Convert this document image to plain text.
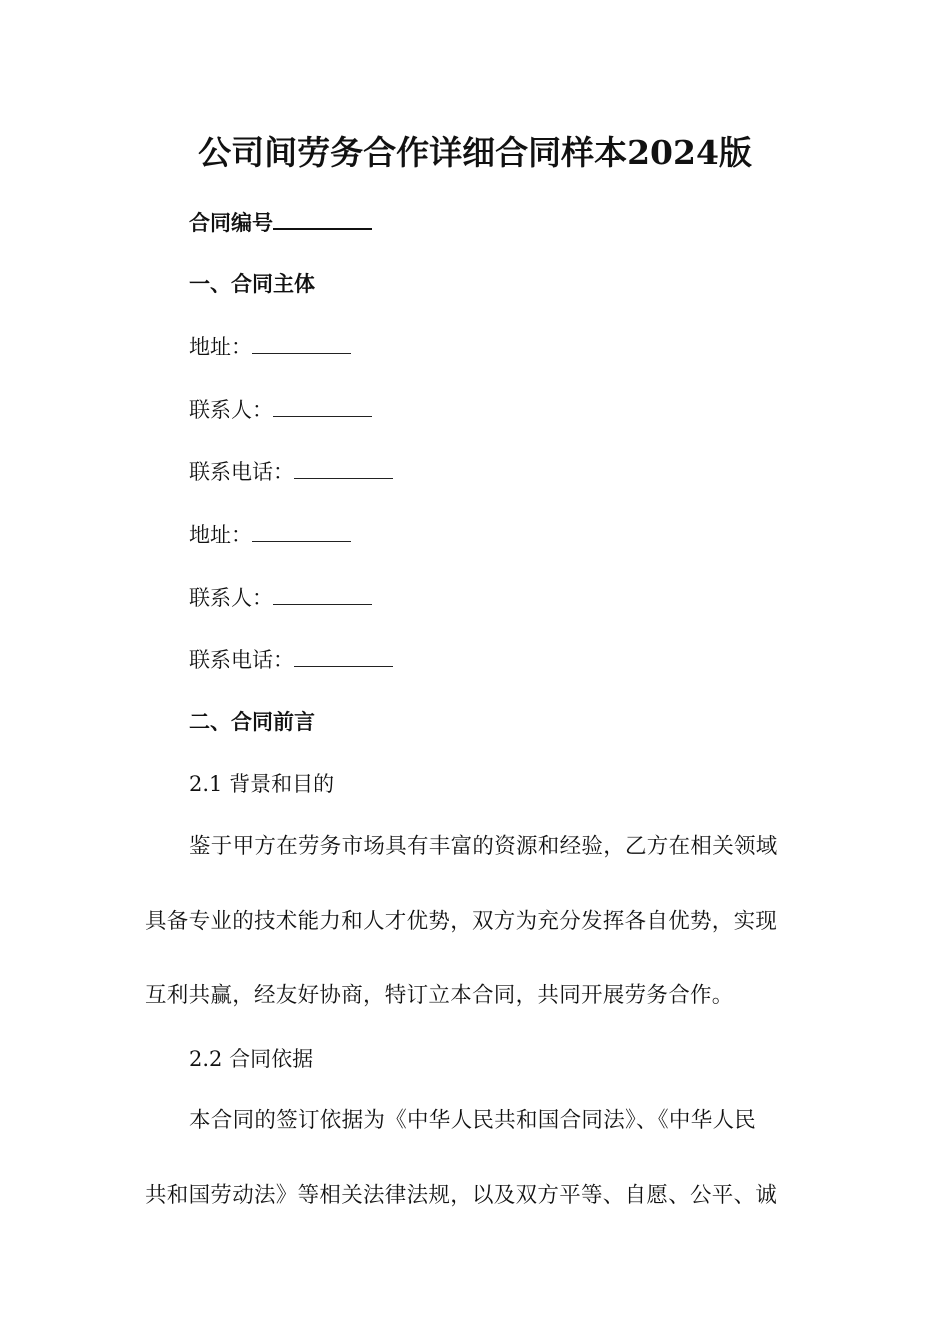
公司间劳务合作详细合同样本2024版
合同编号
一、合同主体
地址：
联系人：
联系电话：
地址：
联系人：
联系电话：
二、合同前言
2.1 背景和目的
鉴于甲方在劳务市场具有丰富的资源和经验，乙方在相关领域
具备专业的技术能力和人才优势，双方为充分发挥各自优势，实现
互利共赢，经友好协商，特订立本合同，共同开展劳务合作。
2.2 合同依据
本合同的签订依据为《中华人民共和国合同法》、《中华人民
共和国劳动法》等相关法律法规，以及双方平等、自愿、公平、诚
